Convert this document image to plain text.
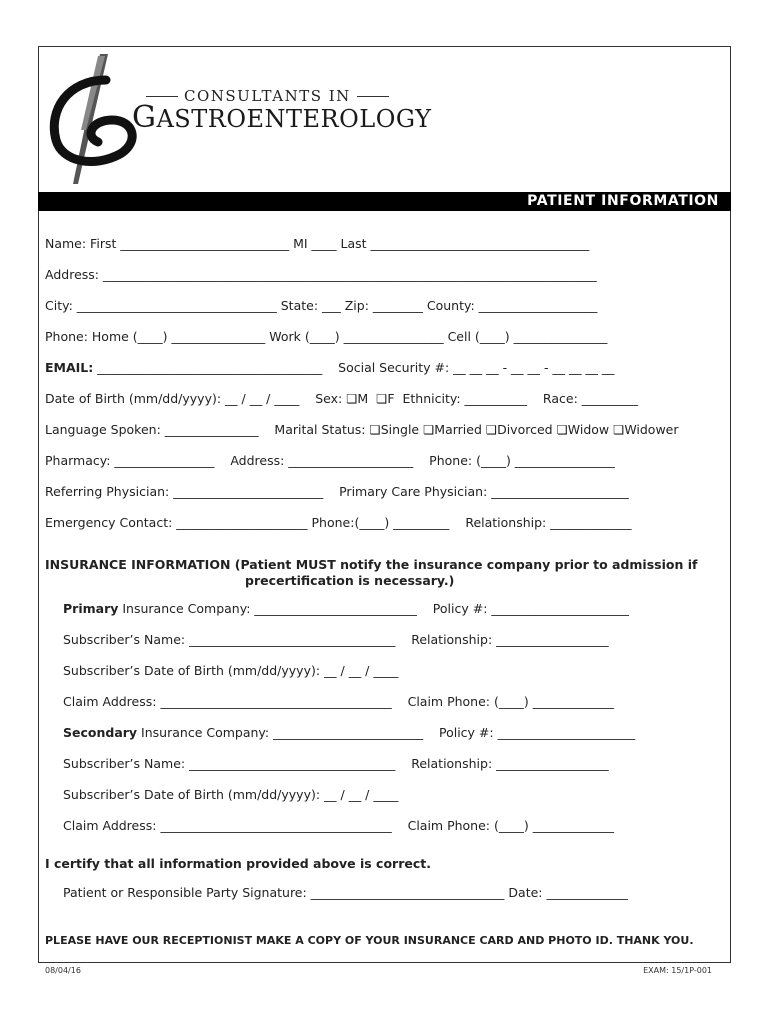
CONSULTANTS IN
GASTROENTEROLOGY
PATIENT INFORMATION
Name: First ___________________________ MI ____ Last ___________________________________
Address: _______________________________________________________________________________
City: ________________________________ State: ___ Zip: ________ County: ___________________
Phone: Home (____) _______________ Work (____) ________________ Cell (____) _______________
EMAIL: ____________________________________    Social Security #: __ __ __ - __ __ - __ __ __ __
Date of Birth (mm/dd/yyyy): __ / __ / ____    Sex: ❏M  ❏F  Ethnicity: __________    Race: _________
Language Spoken: _______________    Marital Status: ❏Single ❏Married ❏Divorced ❏Widow ❏Widower
Pharmacy: ________________    Address: ____________________    Phone: (____) ________________
Referring Physician: ________________________    Primary Care Physician: ______________________
Emergency Contact: _____________________ Phone:(____) _________    Relationship: _____________
INSURANCE INFORMATION (Patient MUST notify the insurance company prior to admission if
precertification is necessary.)
Primary Insurance Company: __________________________    Policy #: ______________________
Subscriber’s Name: _________________________________    Relationship: __________________
Subscriber’s Date of Birth (mm/dd/yyyy): __ / __ / ____
Claim Address: _____________________________________    Claim Phone: (____) _____________
Secondary Insurance Company: ________________________    Policy #: ______________________
Subscriber’s Name: _________________________________    Relationship: __________________
Subscriber’s Date of Birth (mm/dd/yyyy): __ / __ / ____
Claim Address: _____________________________________    Claim Phone: (____) _____________
I certify that all information provided above is correct.
Patient or Responsible Party Signature: _______________________________ Date: _____________
PLEASE HAVE OUR RECEPTIONIST MAKE A COPY OF YOUR INSURANCE CARD AND PHOTO ID. THANK YOU.
08/04/16	EXAM: 15/1P-001
